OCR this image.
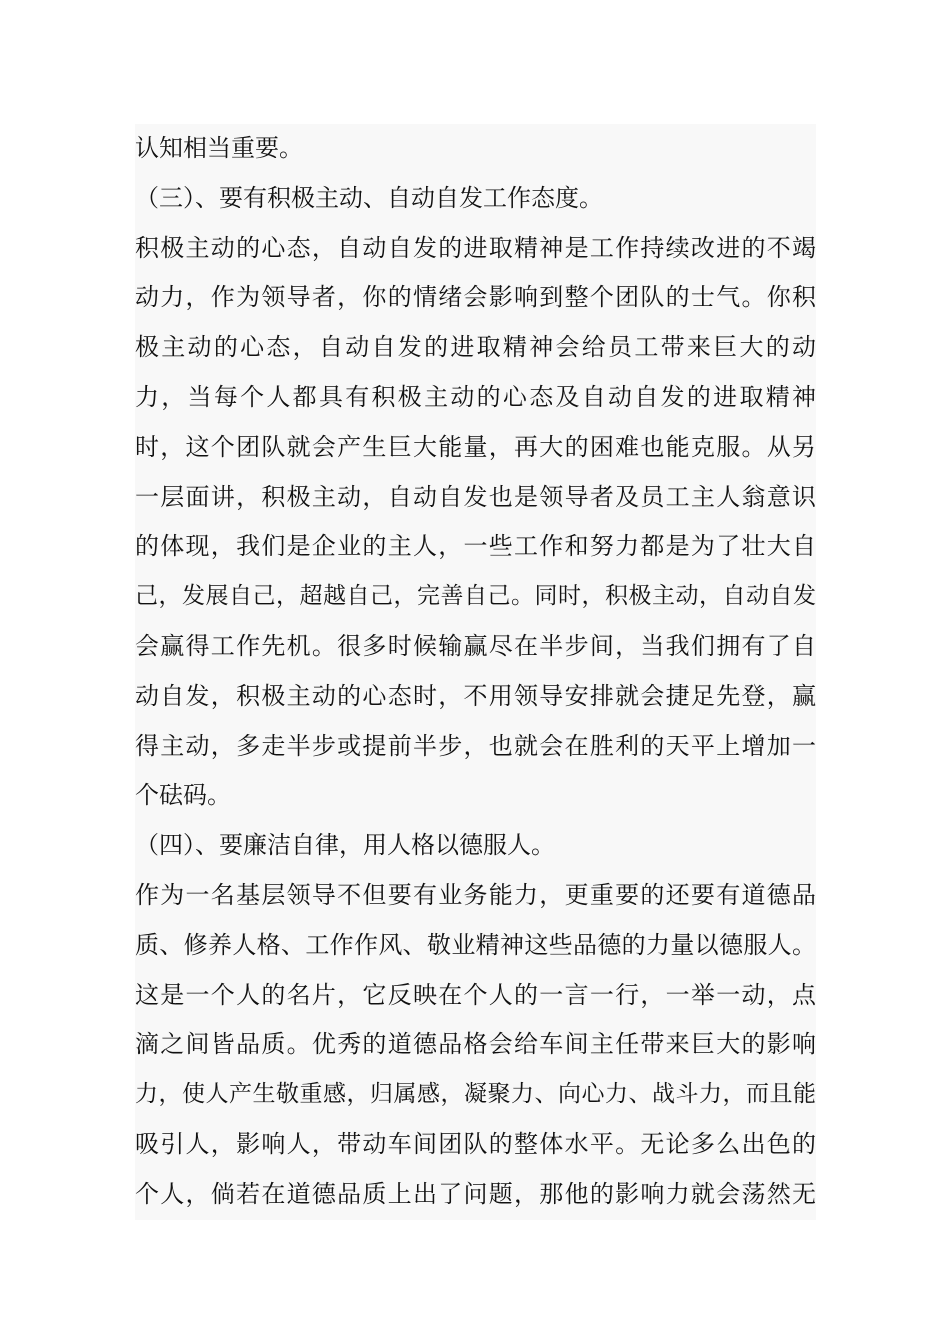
认知相当重要。
（三）、要有积极主动、自动自发工作态度。
积极主动的心态，自动自发的进取精神是工作持续改进的不竭
动力，作为领导者，你的情绪会影响到整个团队的士气。你积
极主动的心态，自动自发的进取精神会给员工带来巨大的动
力，当每个人都具有积极主动的心态及自动自发的进取精神
时，这个团队就会产生巨大能量，再大的困难也能克服。从另
一层面讲，积极主动，自动自发也是领导者及员工主人翁意识
的体现，我们是企业的主人，一些工作和努力都是为了壮大自
己，发展自己，超越自己，完善自己。同时，积极主动，自动自发
会赢得工作先机。很多时候输赢尽在半步间，当我们拥有了自
动自发，积极主动的心态时，不用领导安排就会捷足先登，赢
得主动，多走半步或提前半步，也就会在胜利的天平上增加一
个砝码。
（四）、要廉洁自律，用人格以德服人。
作为一名基层领导不但要有业务能力，更重要的还要有道德品
质、修养人格、工作作风、敬业精神这些品德的力量以德服人。
这是一个人的名片，它反映在个人的一言一行，一举一动，点
滴之间皆品质。优秀的道德品格会给车间主任带来巨大的影响
力，使人产生敬重感，归属感，凝聚力、向心力、战斗力，而且能
吸引人，影响人，带动车间团队的整体水平。无论多么出色的
个人，倘若在道德品质上出了问题，那他的影响力就会荡然无
